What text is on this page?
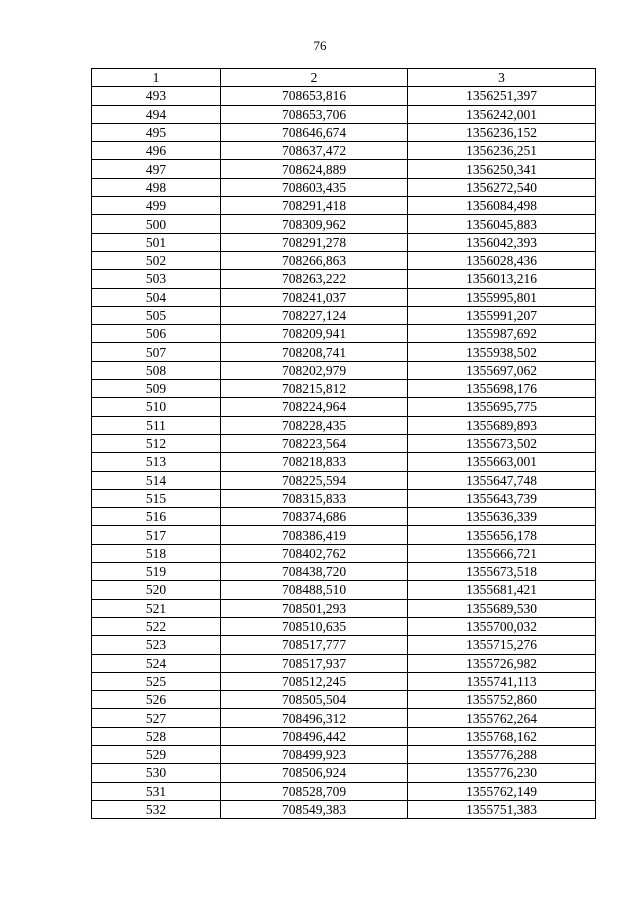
76
1	2	3
493	708653,816	1356251,397
494	708653,706	1356242,001
495	708646,674	1356236,152
496	708637,472	1356236,251
497	708624,889	1356250,341
498	708603,435	1356272,540
499	708291,418	1356084,498
500	708309,962	1356045,883
501	708291,278	1356042,393
502	708266,863	1356028,436
503	708263,222	1356013,216
504	708241,037	1355995,801
505	708227,124	1355991,207
506	708209,941	1355987,692
507	708208,741	1355938,502
508	708202,979	1355697,062
509	708215,812	1355698,176
510	708224,964	1355695,775
511	708228,435	1355689,893
512	708223,564	1355673,502
513	708218,833	1355663,001
514	708225,594	1355647,748
515	708315,833	1355643,739
516	708374,686	1355636,339
517	708386,419	1355656,178
518	708402,762	1355666,721
519	708438,720	1355673,518
520	708488,510	1355681,421
521	708501,293	1355689,530
522	708510,635	1355700,032
523	708517,777	1355715,276
524	708517,937	1355726,982
525	708512,245	1355741,113
526	708505,504	1355752,860
527	708496,312	1355762,264
528	708496,442	1355768,162
529	708499,923	1355776,288
530	708506,924	1355776,230
531	708528,709	1355762,149
532	708549,383	1355751,383
